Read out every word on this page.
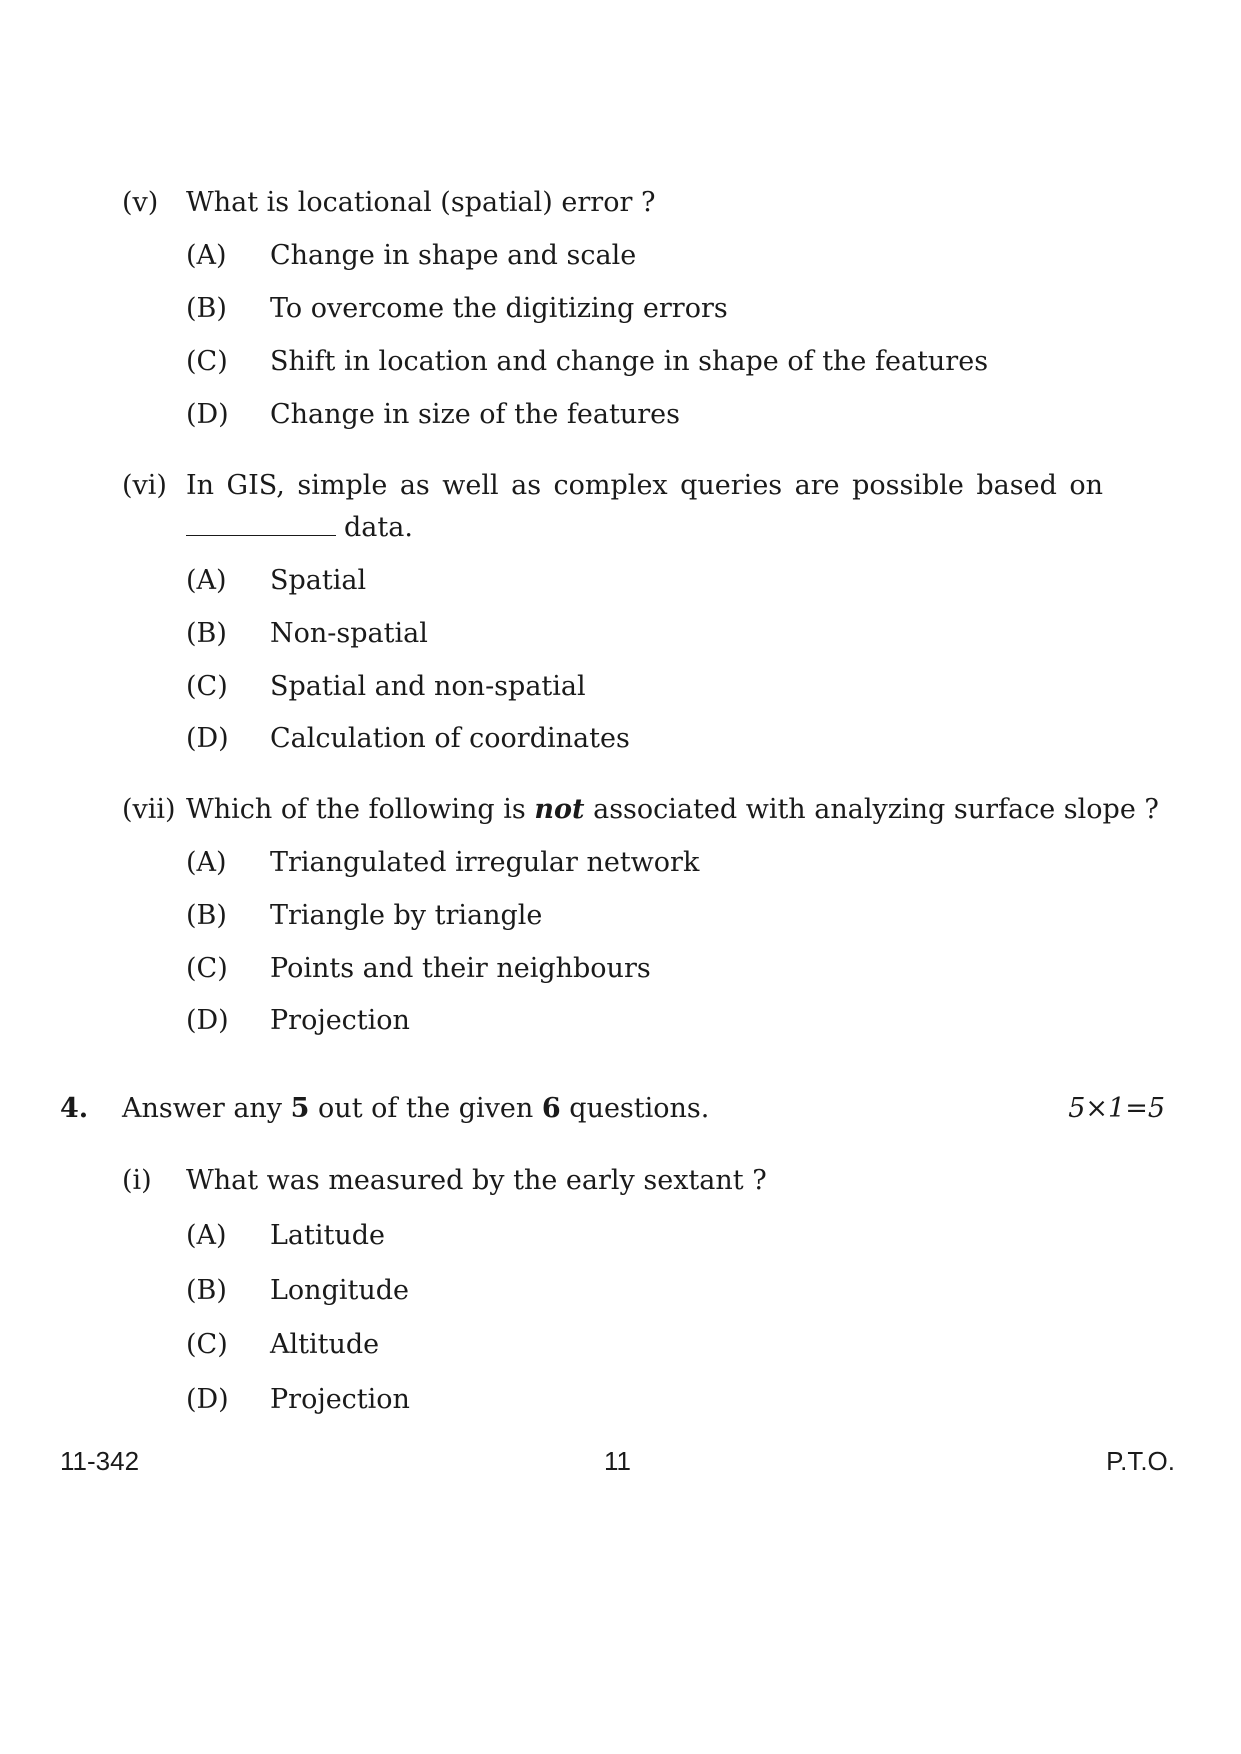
(v) What is locational (spatial) error ?
(A) Change in shape and scale
(B) To overcome the digitizing errors
(C) Shift in location and change in shape of the features
(D) Change in size of the features
(vi) In GIS, simple as well as complex queries are possible based on
data.
(A) Spatial
(B) Non-spatial
(C) Spatial and non-spatial
(D) Calculation of coordinates
(vii) Which of the following is not associated with analyzing surface slope ?
(A) Triangulated irregular network
(B) Triangle by triangle
(C) Points and their neighbours
(D) Projection
4. Answer any 5 out of the given 6 questions.	5×1=5
(i) What was measured by the early sextant ?
(A) Latitude
(B) Longitude
(C) Altitude
(D) Projection
11-342	11	P.T.O.
